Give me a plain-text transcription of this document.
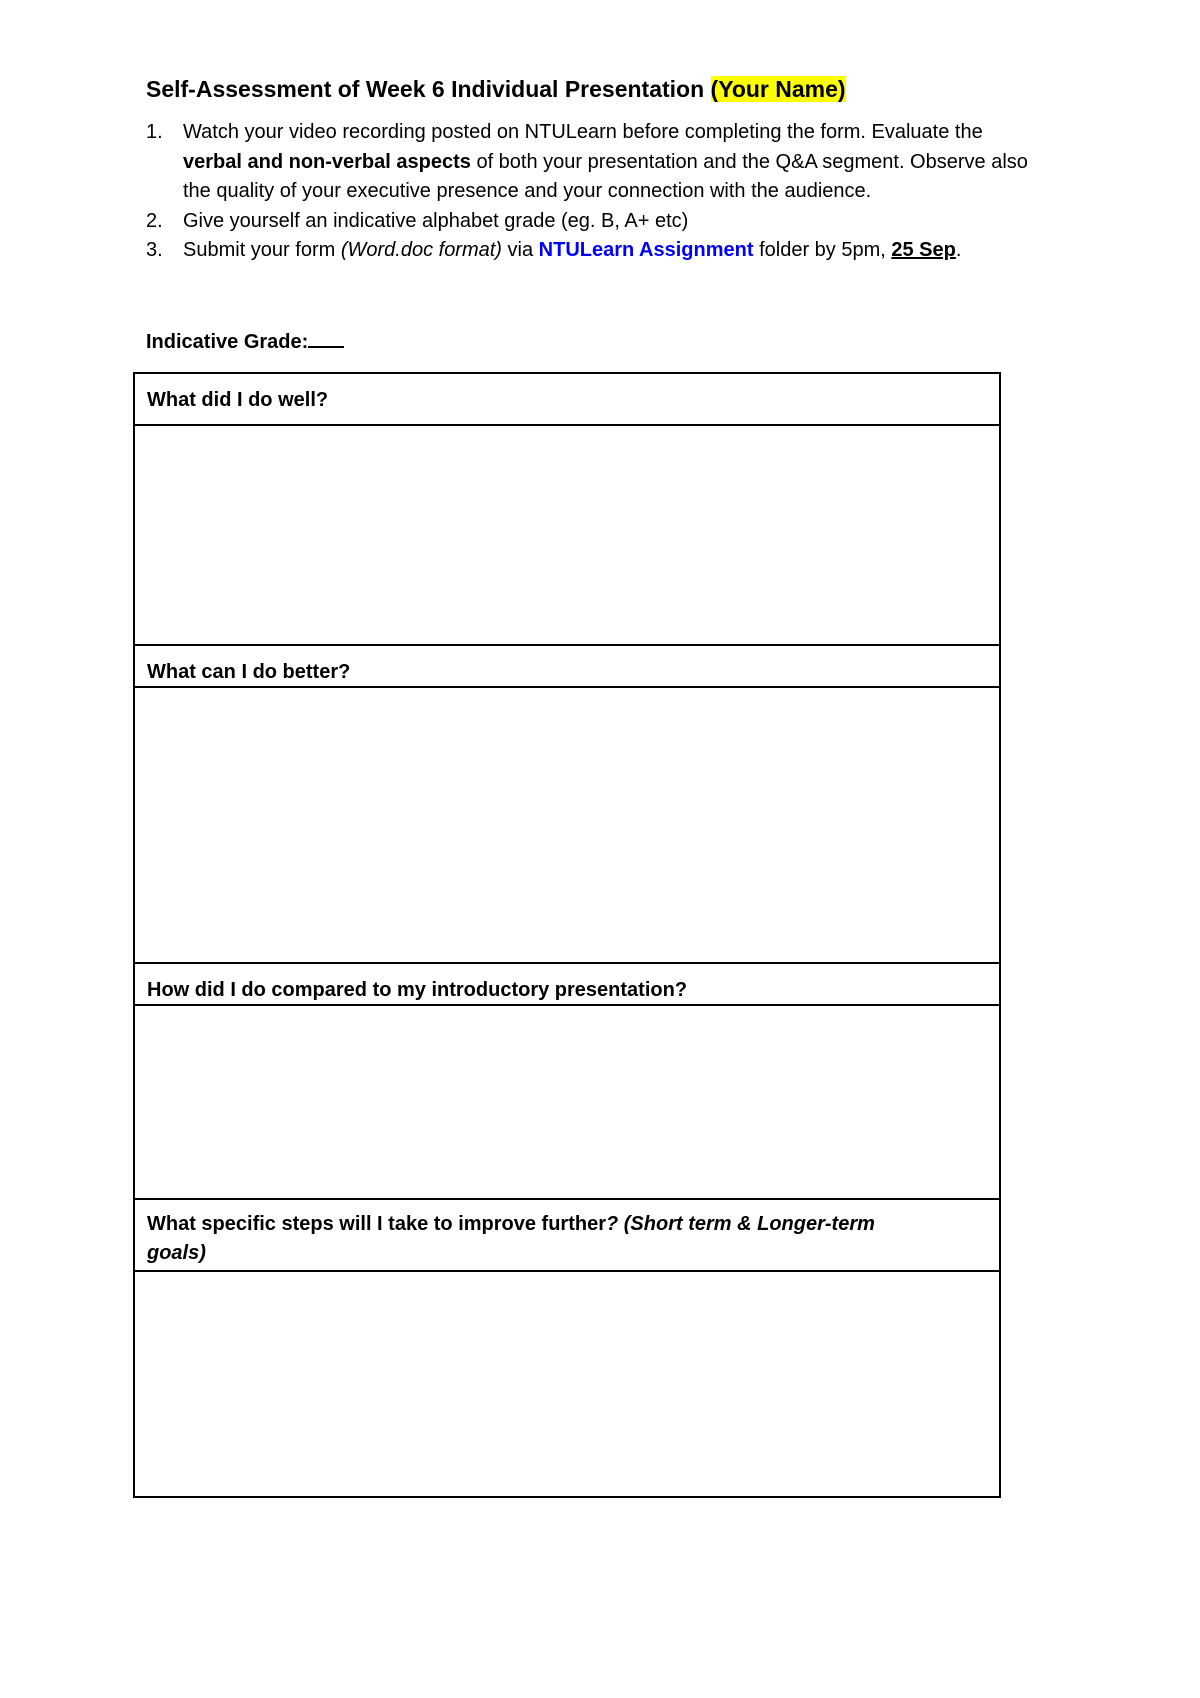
Self-Assessment of Week 6 Individual Presentation (Your Name)
1. Watch your video recording posted on NTULearn before completing the form. Evaluate the verbal and non-verbal aspects of both your presentation and the Q&A segment. Observe also the quality of your executive presence and your connection with the audience.
2. Give yourself an indicative alphabet grade (eg. B, A+ etc)
3. Submit your form (Word.doc format) via NTULearn Assignment folder by 5pm, 25 Sep.
Indicative Grade:
What did I do well?
What can I do better?
How did I do compared to my introductory presentation?
What specific steps will I take to improve further? (Short term & Longer-term goals)
